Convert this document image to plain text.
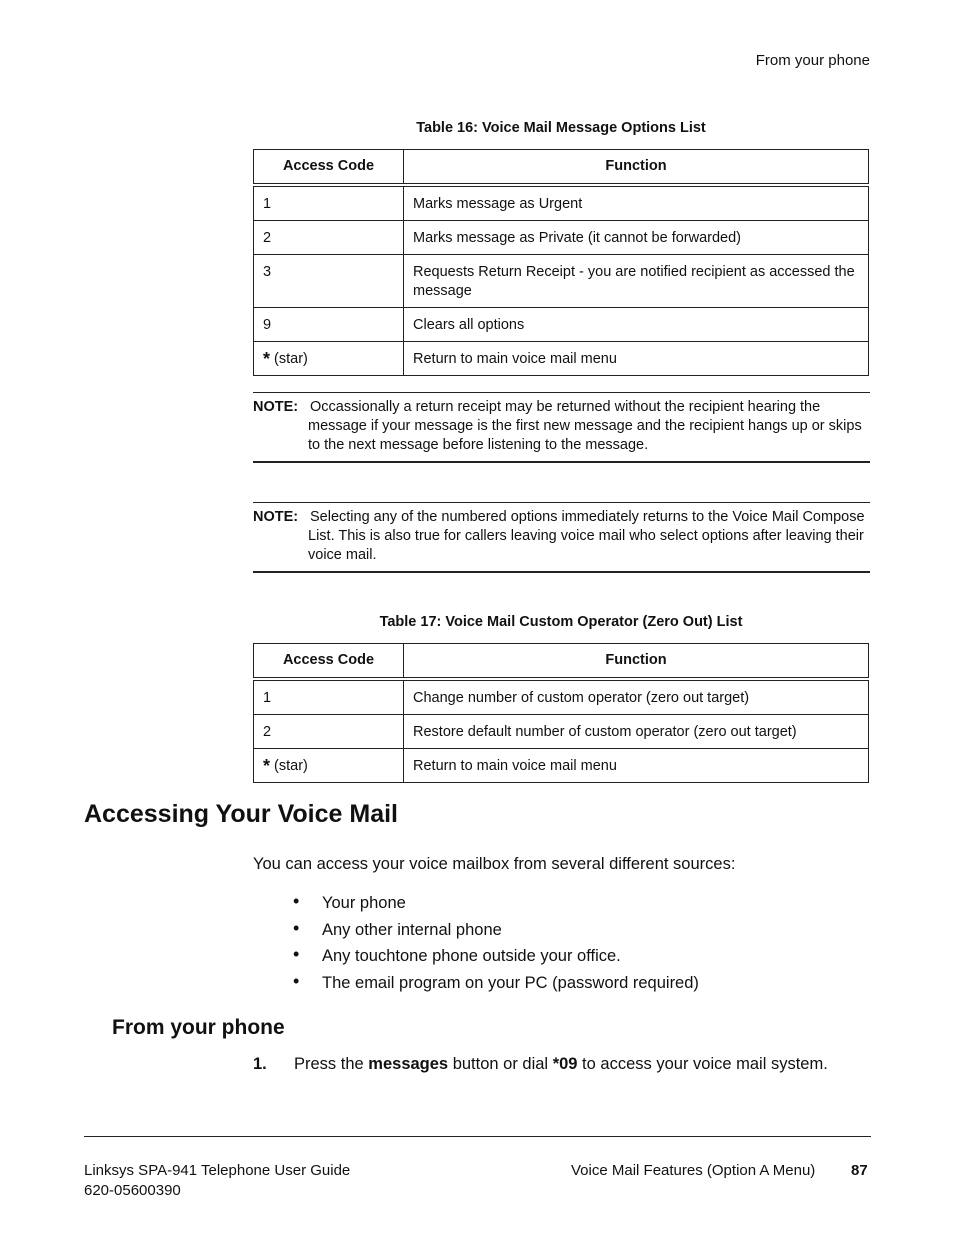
From your phone
Table 16: Voice Mail Message Options List
Access Code	Function
1	Marks message as Urgent
2	Marks message as Private (it cannot be forwarded)
3	Requests Return Receipt - you are notified recipient as accessed the message
9	Clears all options
* (star)	Return to main voice mail menu
NOTE: Occassionally a return receipt may be returned without the recipient hearing the message if your message is the first new message and the recipient hangs up or skips to the next message before listening to the message.
NOTE: Selecting any of the numbered options immediately returns to the Voice Mail Compose List. This is also true for callers leaving voice mail who select options after leaving their voice mail.
Table 17: Voice Mail Custom Operator (Zero Out) List
Access Code	Function
1	Change number of custom operator (zero out target)
2	Restore default number of custom operator (zero out target)
* (star)	Return to main voice mail menu
Accessing Your Voice Mail
You can access your voice mailbox from several different sources:
• Your phone
• Any other internal phone
• Any touchtone phone outside your office.
• The email program on your PC (password required)
From your phone
1. Press the messages button or dial *09 to access your voice mail system.
Linksys SPA-941 Telephone User Guide
620-05600390
Voice Mail Features (Option A Menu) 87
